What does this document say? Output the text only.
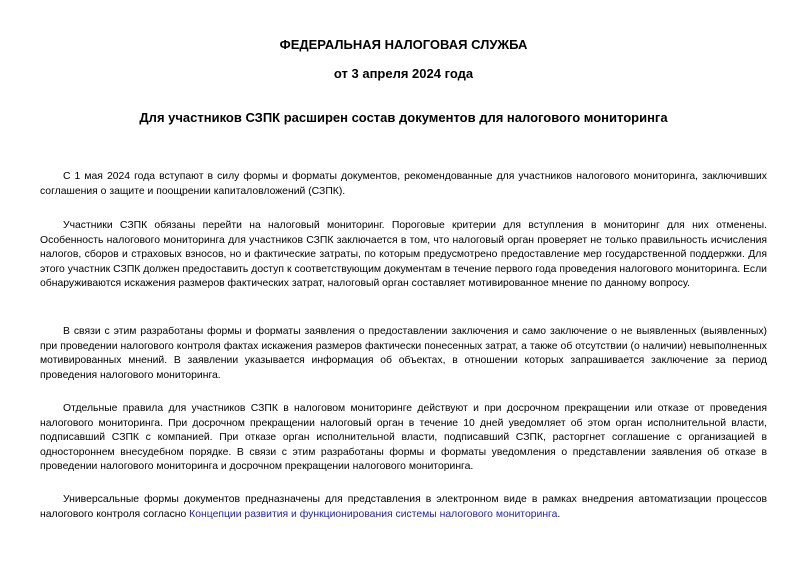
ФЕДЕРАЛЬНАЯ НАЛОГОВАЯ СЛУЖБА
от 3 апреля 2024 года
Для участников СЗПК расширен состав документов для налогового мониторинга

С 1 мая 2024 года вступают в силу формы и форматы документов, рекомендованные для участников налогового мониторинга, заключивших соглашения о защите и поощрении капиталовложений (СЗПК).

Участники СЗПК обязаны перейти на налоговый мониторинг. Пороговые критерии для вступления в мониторинг для них отменены. Особенность налогового мониторинга для участников СЗПК заключается в том, что налоговый орган проверяет не только правильность исчисления налогов, сборов и страховых взносов, но и фактические затраты, по которым предусмотрено предоставление мер государственной поддержки. Для этого участник СЗПК должен предоставить доступ к соответствующим документам в течение первого года проведения налогового мониторинга. Если обнаруживаются искажения размеров фактических затрат, налоговый орган составляет мотивированное мнение по данному вопросу.

В связи с этим разработаны формы и форматы заявления о предоставлении заключения и само заключение о не выявленных (выявленных) при проведении налогового контроля фактах искажения размеров фактически понесенных затрат, а также об отсутствии (о наличии) невыполненных мотивированных мнений. В заявлении указывается информация об объектах, в отношении которых запрашивается заключение за период проведения налогового мониторинга.

Отдельные правила для участников СЗПК в налоговом мониторинге действуют и при досрочном прекращении или отказе от проведения налогового мониторинга. При досрочном прекращении налоговый орган в течение 10 дней уведомляет об этом орган исполнительной власти, подписавший СЗПК с компанией. При отказе орган исполнительной власти, подписавший СЗПК, расторгнет соглашение с организацией в одностороннем внесудебном порядке. В связи с этим разработаны формы и форматы уведомления о представлении заявления об отказе в проведении налогового мониторинга и досрочном прекращении налогового мониторинга.

Универсальные формы документов предназначены для представления в электронном виде в рамках внедрения автоматизации процессов налогового контроля согласно Концепции развития и функционирования системы налогового мониторинга.
